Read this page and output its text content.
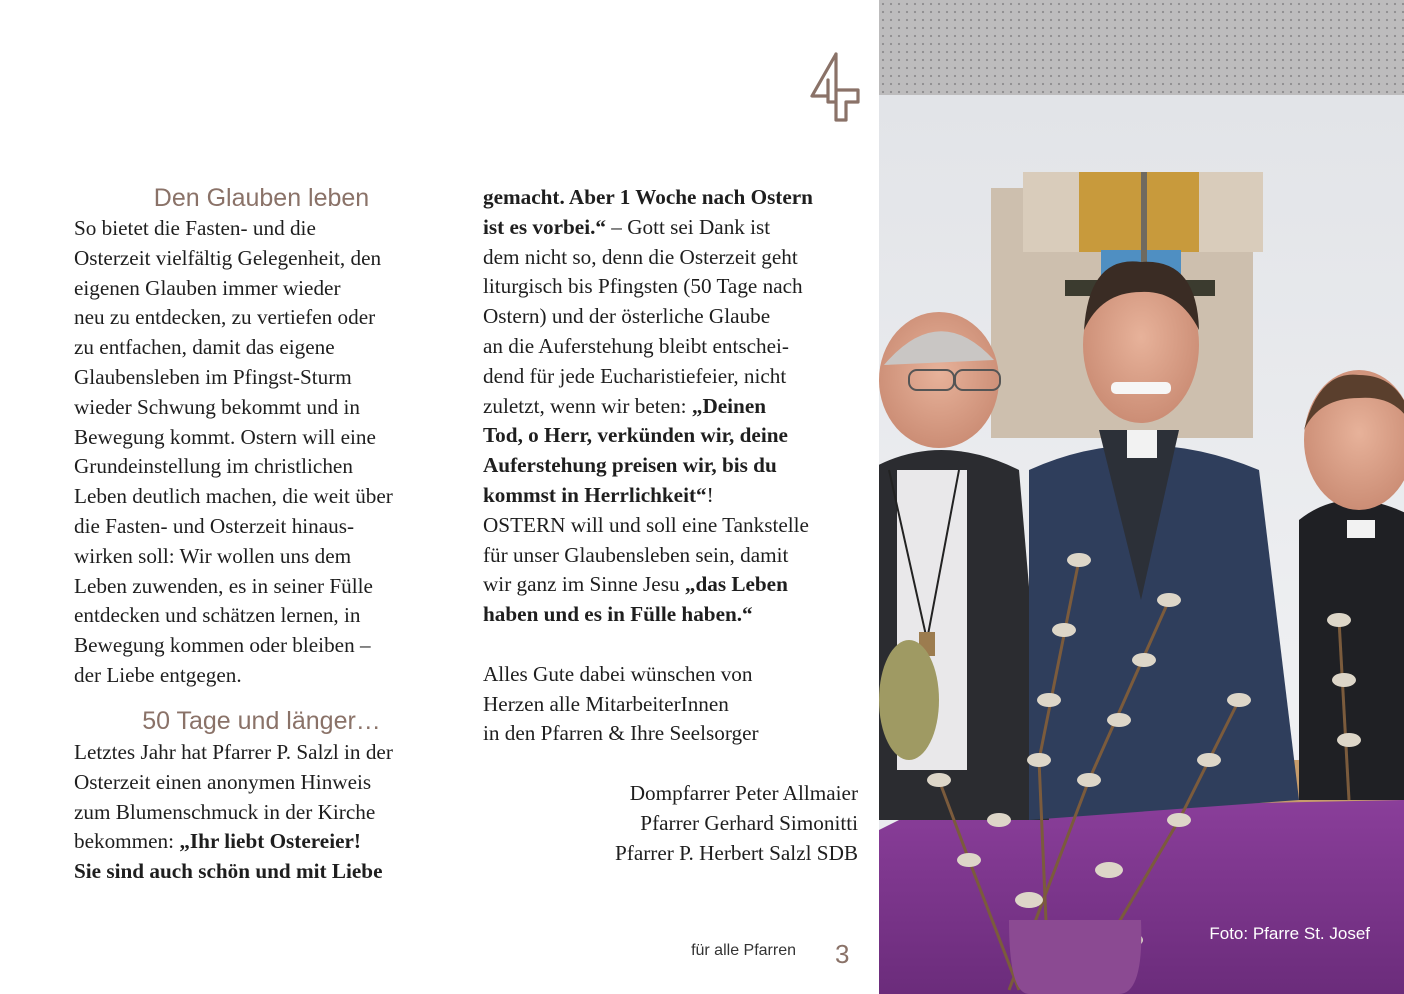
Den Glauben leben

So bietet die Fasten- und die
Osterzeit vielfältig Gelegenheit, den
eigenen Glauben immer wieder
neu zu entdecken, zu vertiefen oder
zu entfachen, damit das eigene
Glaubensleben im Pfingst-Sturm
wieder Schwung bekommt und in
Bewegung kommt. Ostern will eine
Grundeinstellung im christlichen
Leben deutlich machen, die weit über
die Fasten- und Osterzeit hinaus-
wirken soll: Wir wollen uns dem
Leben zuwenden, es in seiner Fülle
entdecken und schätzen lernen, in
Bewegung kommen oder bleiben –
der Liebe entgegen.

50 Tage und länger…
Letztes Jahr hat Pfarrer P. Salzl in der
Osterzeit einen anonymen Hinweis
zum Blumenschmuck in der Kirche
bekommen: „Ihr liebt Ostereier!
Sie sind auch schön und mit Liebe
gemacht. Aber 1 Woche nach Ostern
ist es vorbei.“ – Gott sei Dank ist
dem nicht so, denn die Osterzeit geht
liturgisch bis Pfingsten (50 Tage nach
Ostern) und der österliche Glaube
an die Auferstehung bleibt entschei-
dend für jede Eucharistiefeier, nicht
zuletzt, wenn wir beten: „Deinen
Tod, o Herr, verkünden wir, deine
Auferstehung preisen wir, bis du
kommst in Herrlichkeit“!
OSTERN will und soll eine Tankstelle
für unser Glaubensleben sein, damit
wir ganz im Sinne Jesu „das Leben
haben und es in Fülle haben.“

Alles Gute dabei wünschen von
Herzen alle MitarbeiterInnen
in den Pfarren & Ihre Seelsorger
Dompfarrer Peter Allmaier
Pfarrer Gerhard Simonitti
Pfarrer P. Herbert Salzl SDB
für alle Pfarren 3
Foto: Pfarre St. Josef
